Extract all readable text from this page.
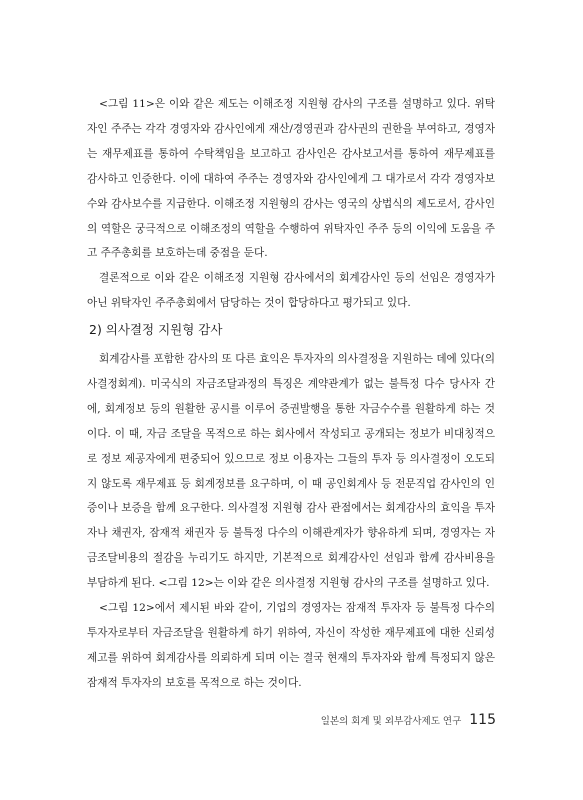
<그림 11>은 이와 같은 제도는 이해조정 지원형 감사의 구조를 설명하고 있다. 위탁자인 주주는 각각 경영자와 감사인에게 재산/경영권과 감사권의 권한을 부여하고, 경영자는 재무제표를 통하여 수탁책임을 보고하고 감사인은 감사보고서를 통하여 재무제표를 감사하고 인증한다. 이에 대하여 주주는 경영자와 감사인에게 그 대가로서 각각 경영자보수와 감사보수를 지급한다. 이해조정 지원형의 감사는 영국의 상법식의 제도로서, 감사인의 역할은 궁극적으로 이해조정의 역할을 수행하여 위탁자인 주주 등의 이익에 도움을 주고 주주총회를 보호하는데 중점을 둔다.

결론적으로 이와 같은 이해조정 지원형 감사에서의 회계감사인 등의 선임은 경영자가 아닌 위탁자인 주주총회에서 담당하는 것이 합당하다고 평가되고 있다.

2) 의사결정 지원형 감사

회계감사를 포함한 감사의 또 다른 효익은 투자자의 의사결정을 지원하는 데에 있다(의사결정회계). 미국식의 자금조달과정의 특징은 계약관계가 없는 불특정 다수 당사자 간에, 회계정보 등의 원활한 공시를 이루어 증권발행을 통한 자금수수를 원활하게 하는 것이다. 이 때, 자금 조달을 목적으로 하는 회사에서 작성되고 공개되는 정보가 비대칭적으로 정보 제공자에게 편중되어 있으므로 정보 이용자는 그들의 투자 등 의사결정이 오도되지 않도록 재무제표 등 회계정보를 요구하며, 이 때 공인회계사 등 전문직업 감사인의 인증이나 보증을 함께 요구한다. 의사결정 지원형 감사 관점에서는 회계감사의 효익을 투자자나 채권자, 잠재적 채권자 등 불특정 다수의 이해관계자가 향유하게 되며, 경영자는 자금조달비용의 절감을 누리기도 하지만, 기본적으로 회계감사인 선임과 함께 감사비용을 부담하게 된다. <그림 12>는 이와 같은 의사결정 지원형 감사의 구조를 설명하고 있다.

<그림 12>에서 제시된 바와 같이, 기업의 경영자는 잠재적 투자자 등 불특정 다수의 투자자로부터 자금조달을 원활하게 하기 위하여, 자신이 작성한 재무제표에 대한 신뢰성 제고를 위하여 회계감사를 의뢰하게 되며 이는 결국 현재의 투자자와 함께 특정되지 않은 잠재적 투자자의 보호를 목적으로 하는 것이다.

일본의 회계 및 외부감사제도 연구 115
